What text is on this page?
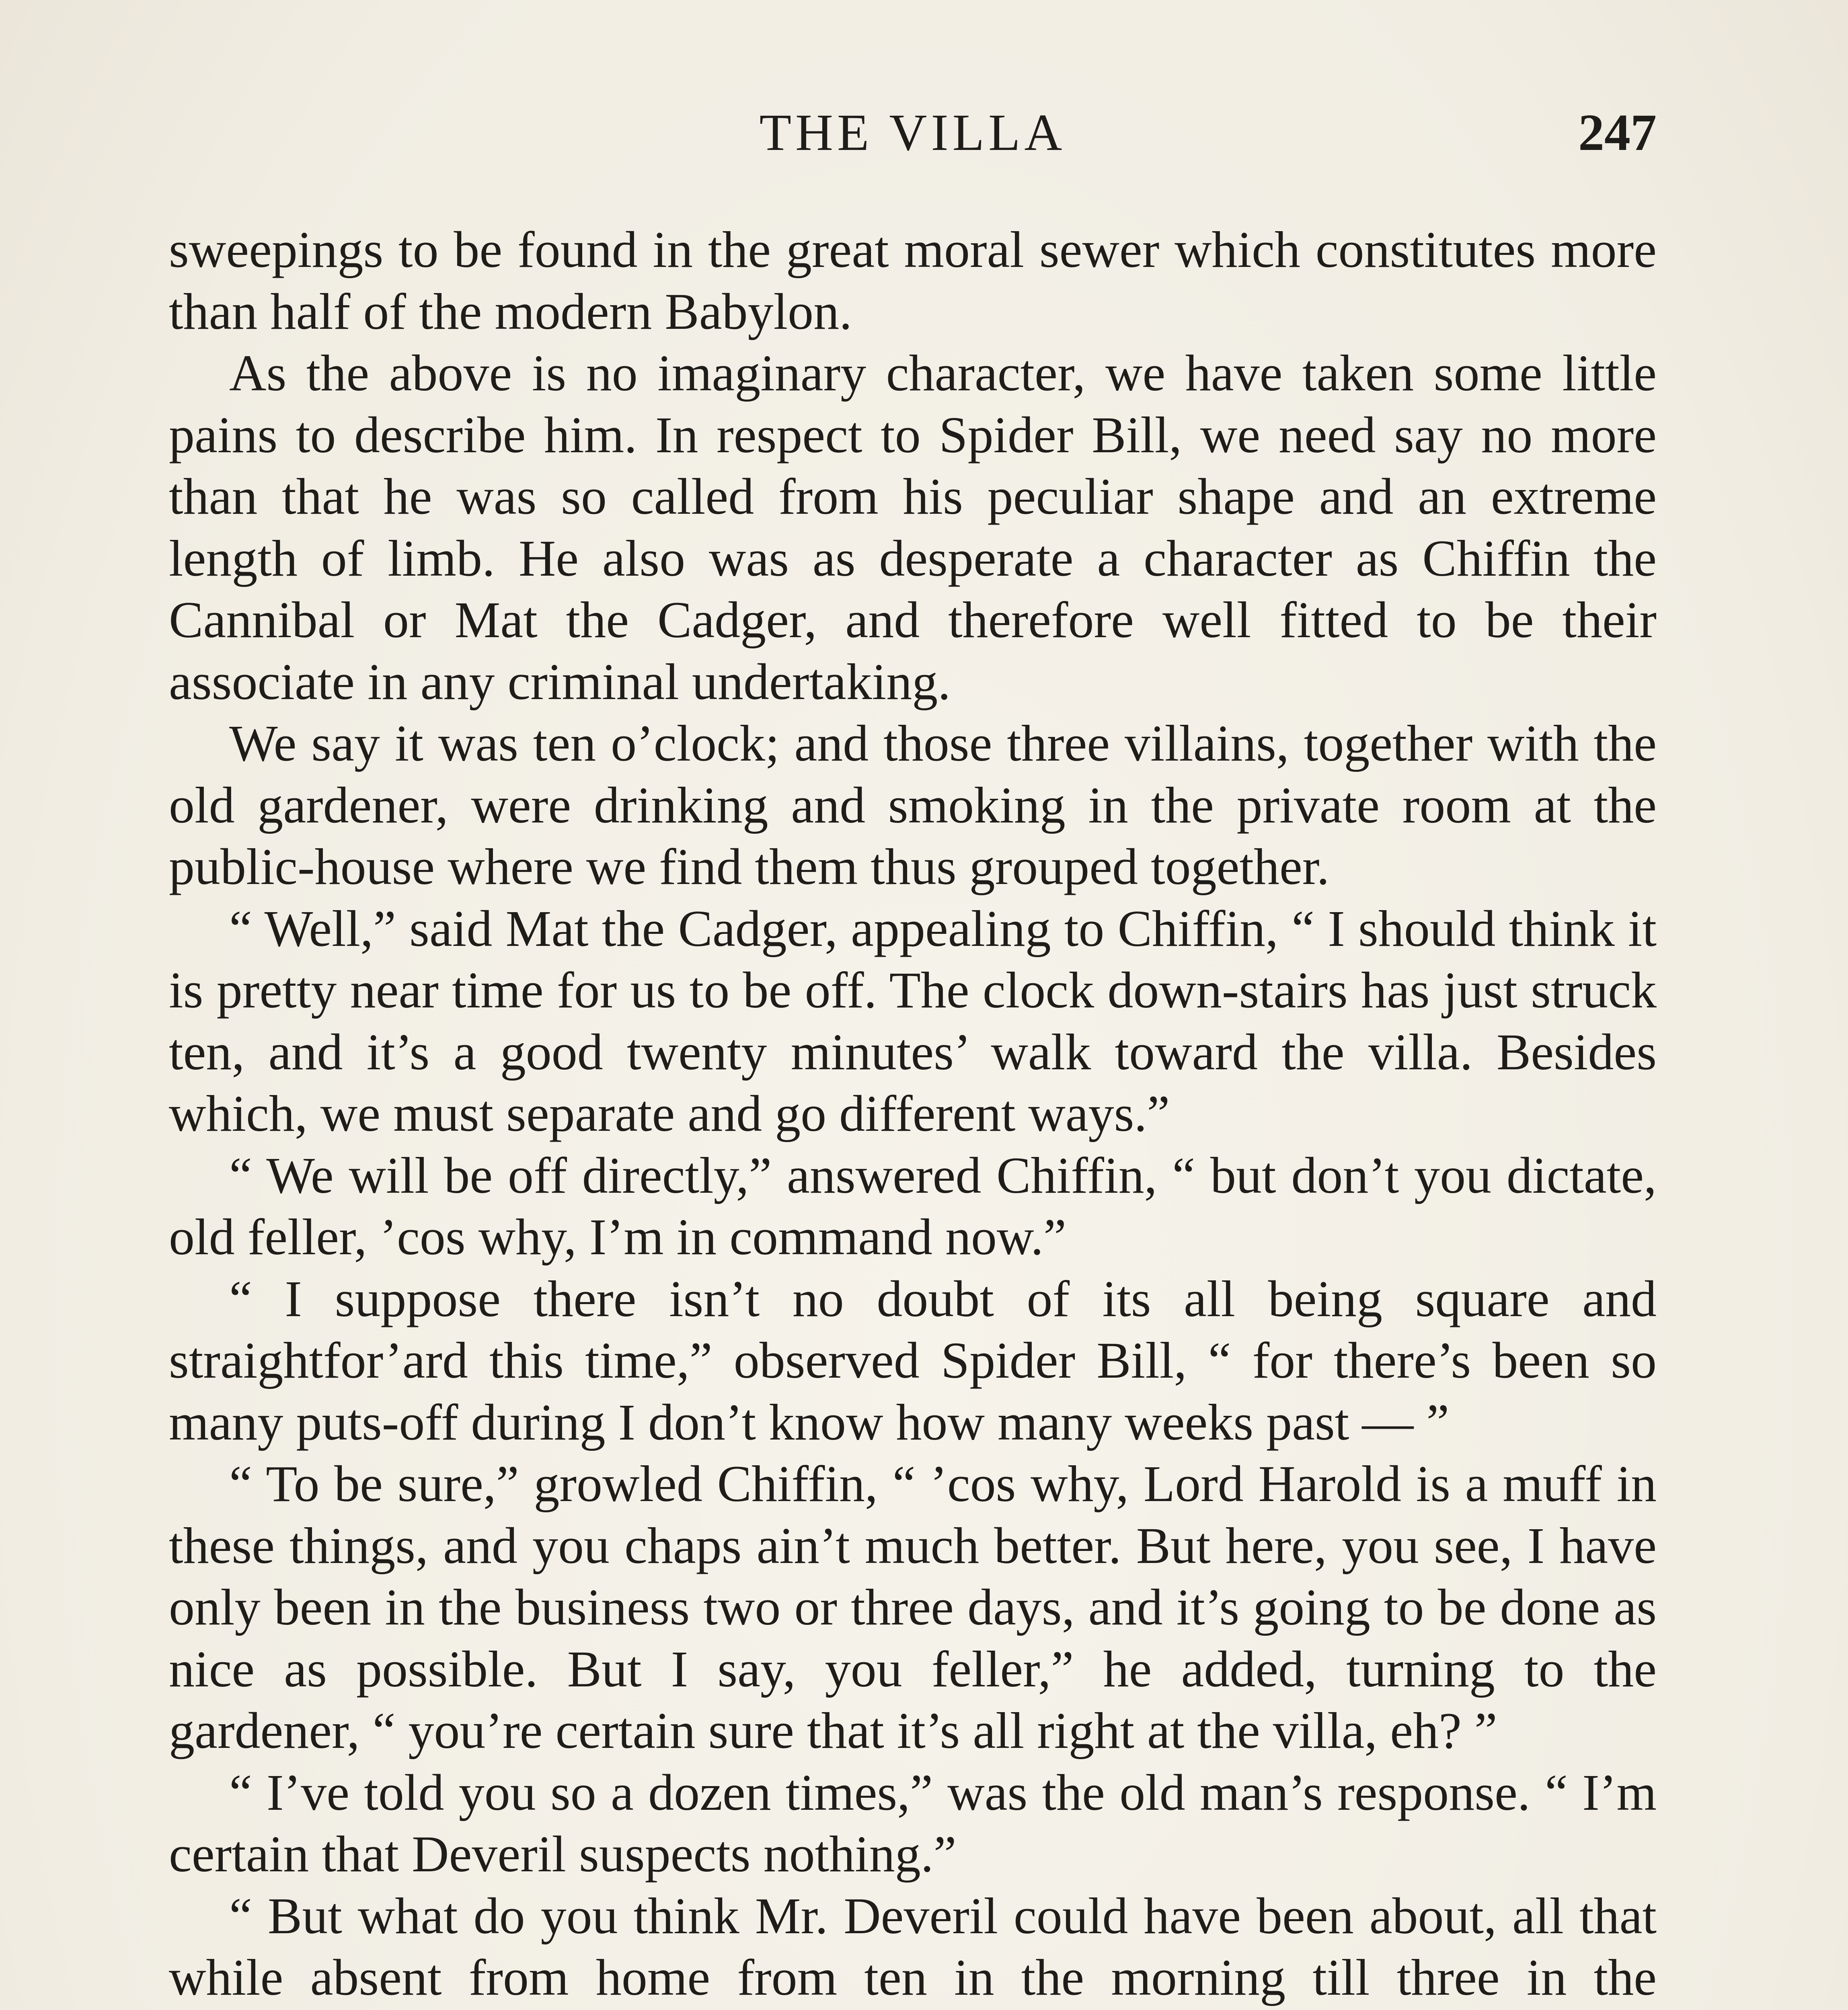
THE VILLA	247

sweepings to be found in the great moral sewer which constitutes more than half of the modern Babylon.

As the above is no imaginary character, we have taken some little pains to describe him. In respect to Spider Bill, we need say no more than that he was so called from his peculiar shape and an extreme length of limb. He also was as desperate a character as Chiffin the Cannibal or Mat the Cadger, and therefore well fitted to be their associate in any criminal undertaking.

We say it was ten o’clock; and those three villains, together with the old gardener, were drinking and smoking in the private room at the public-house where we find them thus grouped together.

“ Well,” said Mat the Cadger, appealing to Chiffin, “ I should think it is pretty near time for us to be off. The clock down-stairs has just struck ten, and it’s a good twenty minutes’ walk toward the villa. Besides which, we must separate and go different ways.”

“ We will be off directly,” answered Chiffin, “ but don’t you dictate, old feller, ’cos why, I’m in command now.”

“ I suppose there isn’t no doubt of its all being square and straightfor’ard this time,” observed Spider Bill, “ for there’s been so many puts-off during I don’t know how many weeks past — ”

“ To be sure,” growled Chiffin, “ ’cos why, Lord Harold is a muff in these things, and you chaps ain’t much better. But here, you see, I have only been in the business two or three days, and it’s going to be done as nice as possible. But I say, you feller,” he added, turning to the gardener, “ you’re certain sure that it’s all right at the villa, eh? ”

“ I’ve told you so a dozen times,” was the old man’s response. “ I’m certain that Deveril suspects nothing.”

“ But what do you think Mr. Deveril could have been about, all that while absent from home from ten in the morning till three in the
